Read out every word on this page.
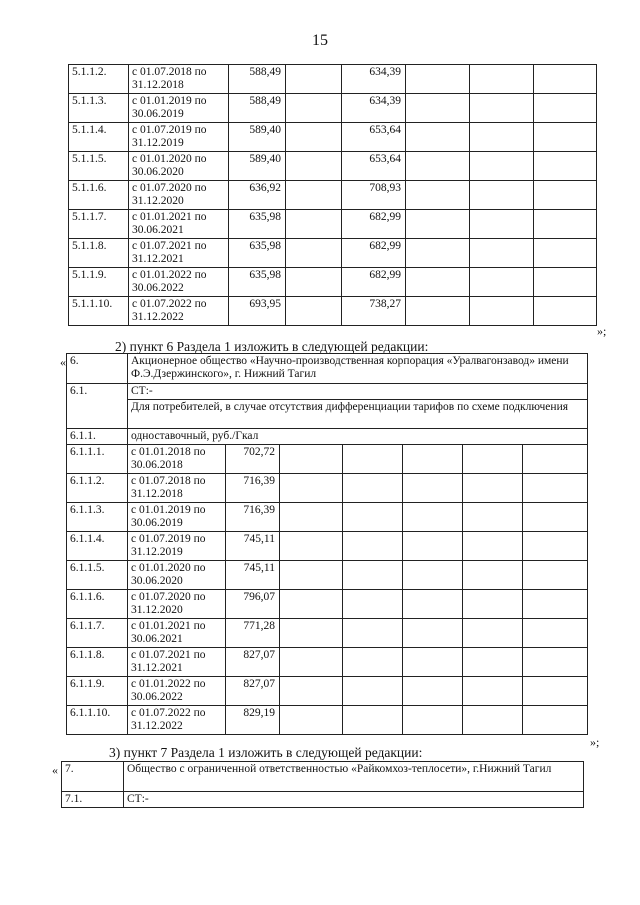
15
5.1.1.2.	с 01.07.2018 по 31.12.2018	588,49		634,39			
5.1.1.3.	с 01.01.2019 по 30.06.2019	588,49		634,39			
5.1.1.4.	с 01.07.2019 по 31.12.2019	589,40		653,64			
5.1.1.5.	с 01.01.2020 по 30.06.2020	589,40		653,64			
5.1.1.6.	с 01.07.2020 по 31.12.2020	636,92		708,93			
5.1.1.7.	с 01.01.2021 по 30.06.2021	635,98		682,99			
5.1.1.8.	с 01.07.2021 по 31.12.2021	635,98		682,99			
5.1.1.9.	с 01.01.2022 по 30.06.2022	635,98		682,99			
5.1.1.10.	с 01.07.2022 по 31.12.2022	693,95		738,27			
»;
2) пункт 6 Раздела 1 изложить в следующей редакции:
« 6.	Акционерное общество «Научно-производственная корпорация «Уралвагонзавод» имени Ф.Э.Дзержинского», г. Нижний Тагил						
6.1.	СТ:-						
	Для потребителей, в случае отсутствия дифференциации тарифов по схеме подключения						
6.1.1.	одноставочный, руб./Гкал						
6.1.1.1.	с 01.01.2018 по 30.06.2018	702,72					
6.1.1.2.	с 01.07.2018 по 31.12.2018	716,39					
6.1.1.3.	с 01.01.2019 по 30.06.2019	716,39					
6.1.1.4.	с 01.07.2019 по 31.12.2019	745,11					
6.1.1.5.	с 01.01.2020 по 30.06.2020	745,11					
6.1.1.6.	с 01.07.2020 по 31.12.2020	796,07					
6.1.1.7.	с 01.01.2021 по 30.06.2021	771,28					
6.1.1.8.	с 01.07.2021 по 31.12.2021	827,07					
6.1.1.9.	с 01.01.2022 по 30.06.2022	827,07					
6.1.1.10.	с 01.07.2022 по 31.12.2022	829,19					
»;
3) пункт 7 Раздела 1 изложить в следующей редакции:
« 7.	Общество с ограниченной ответственностью «Райкомхоз-теплосети», г.Нижний Тагил
7.1.	СТ:-
